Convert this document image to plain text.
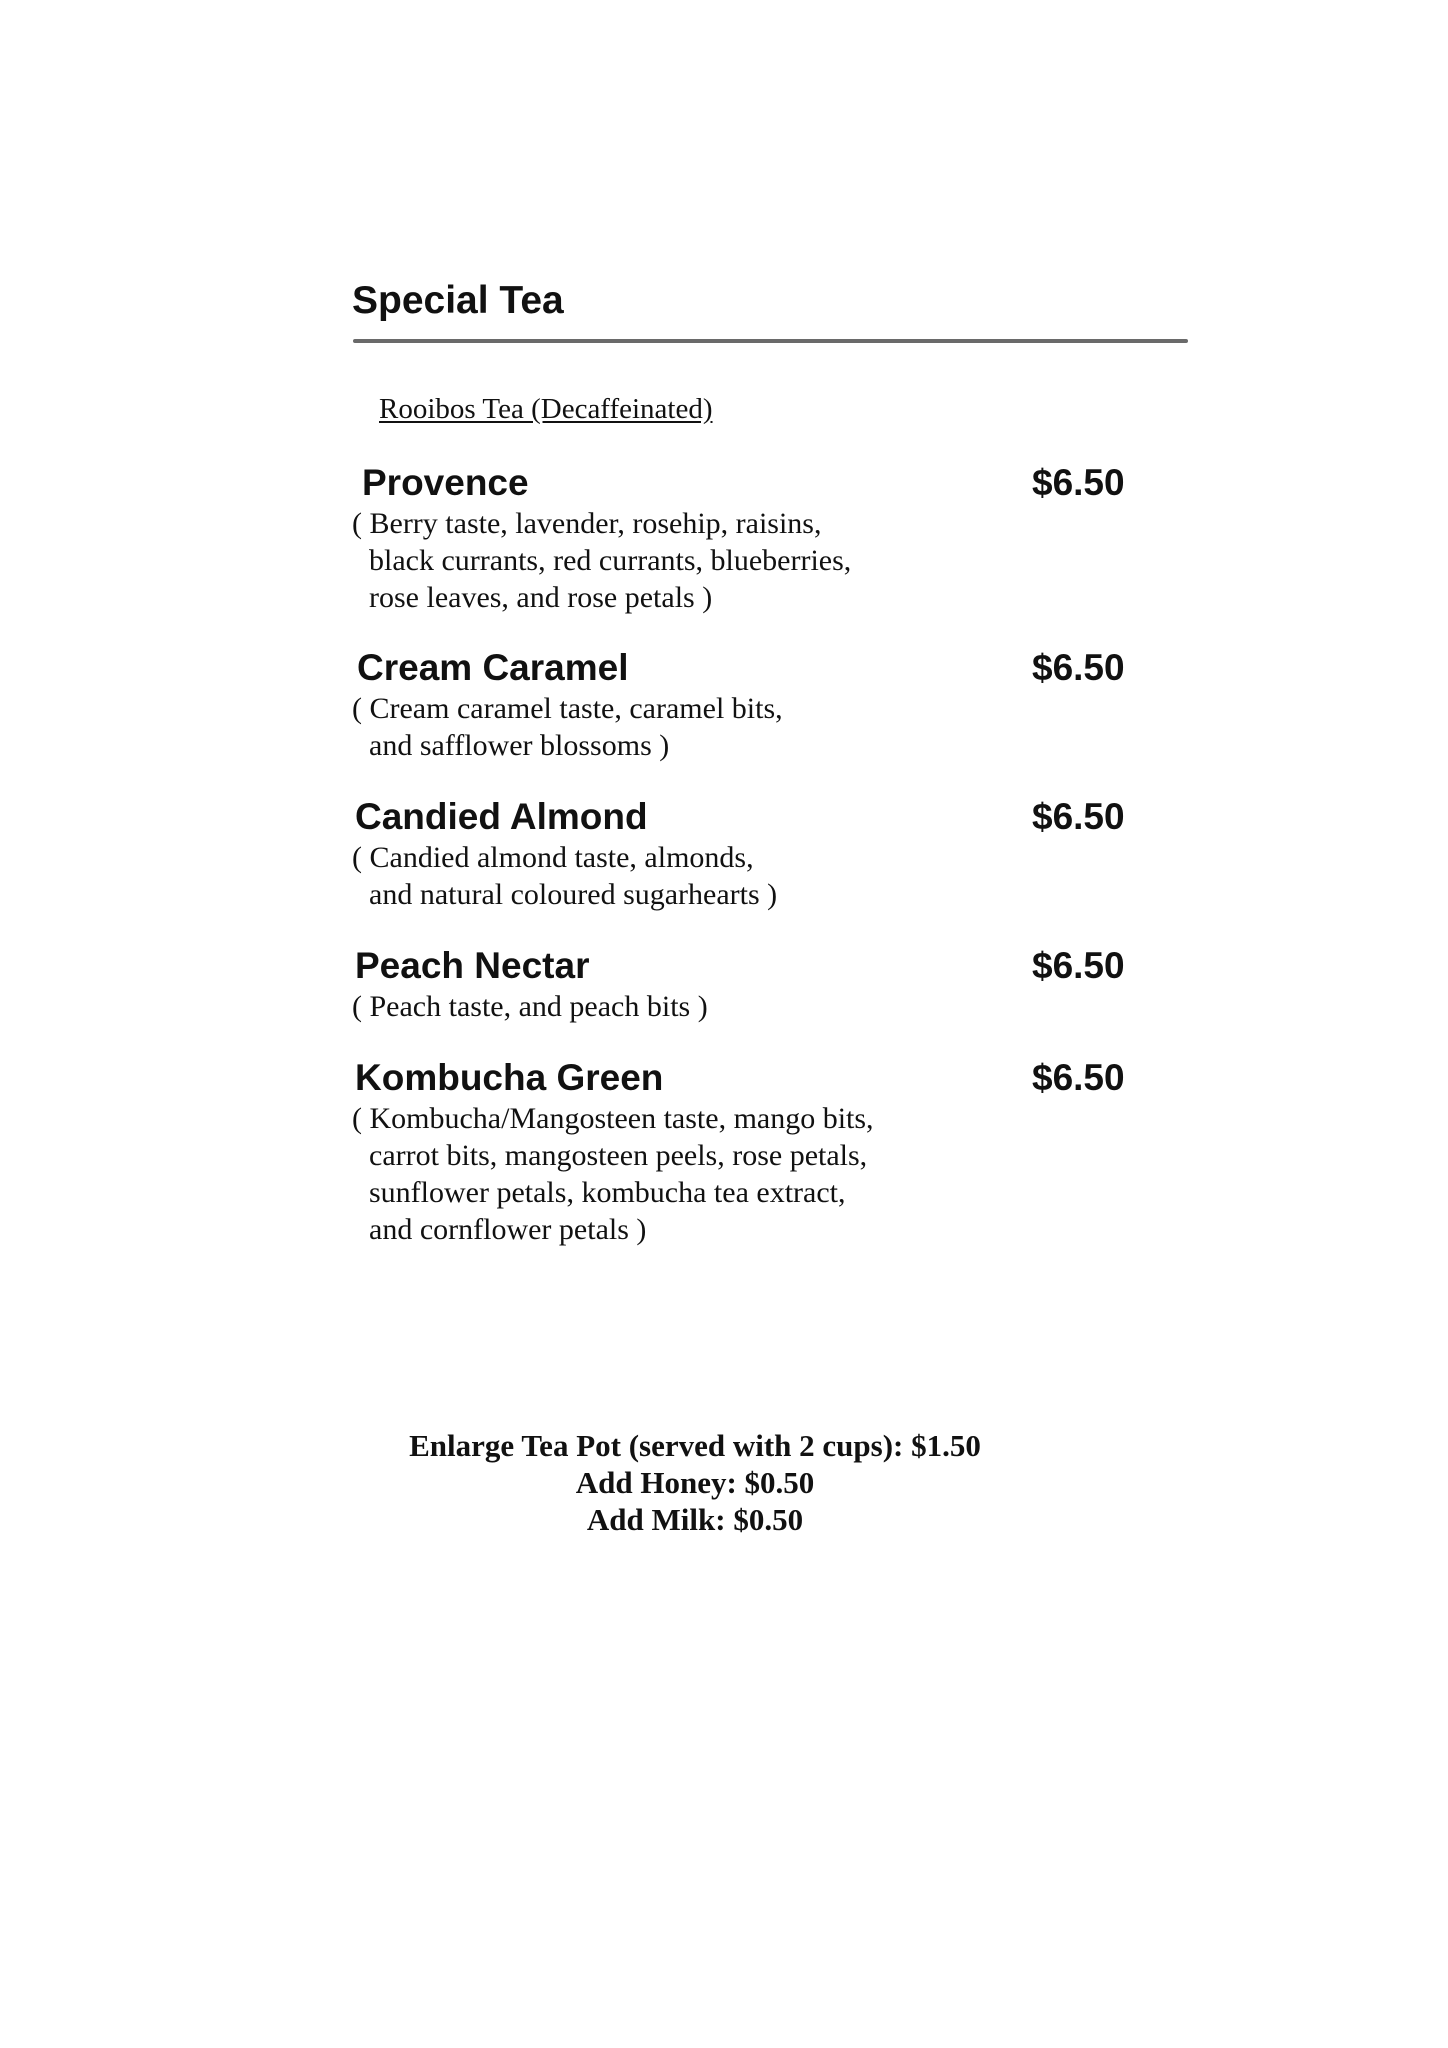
Special Tea
Rooibos Tea (Decaffeinated)
Provence	$6.50
( Berry taste, lavender, rosehip, raisins,
black currants, red currants, blueberries,
rose leaves, and rose petals )
Cream Caramel	$6.50
( Cream caramel taste, caramel bits,
and safflower blossoms )
Candied Almond	$6.50
( Candied almond taste, almonds,
and natural coloured sugarhearts )
Peach Nectar	$6.50
( Peach taste, and peach bits )
Kombucha Green	$6.50
( Kombucha/Mangosteen taste, mango bits,
carrot bits, mangosteen peels, rose petals,
sunflower petals, kombucha tea extract,
and cornflower petals )
Enlarge Tea Pot (served with 2 cups): $1.50
Add Honey: $0.50
Add Milk: $0.50
